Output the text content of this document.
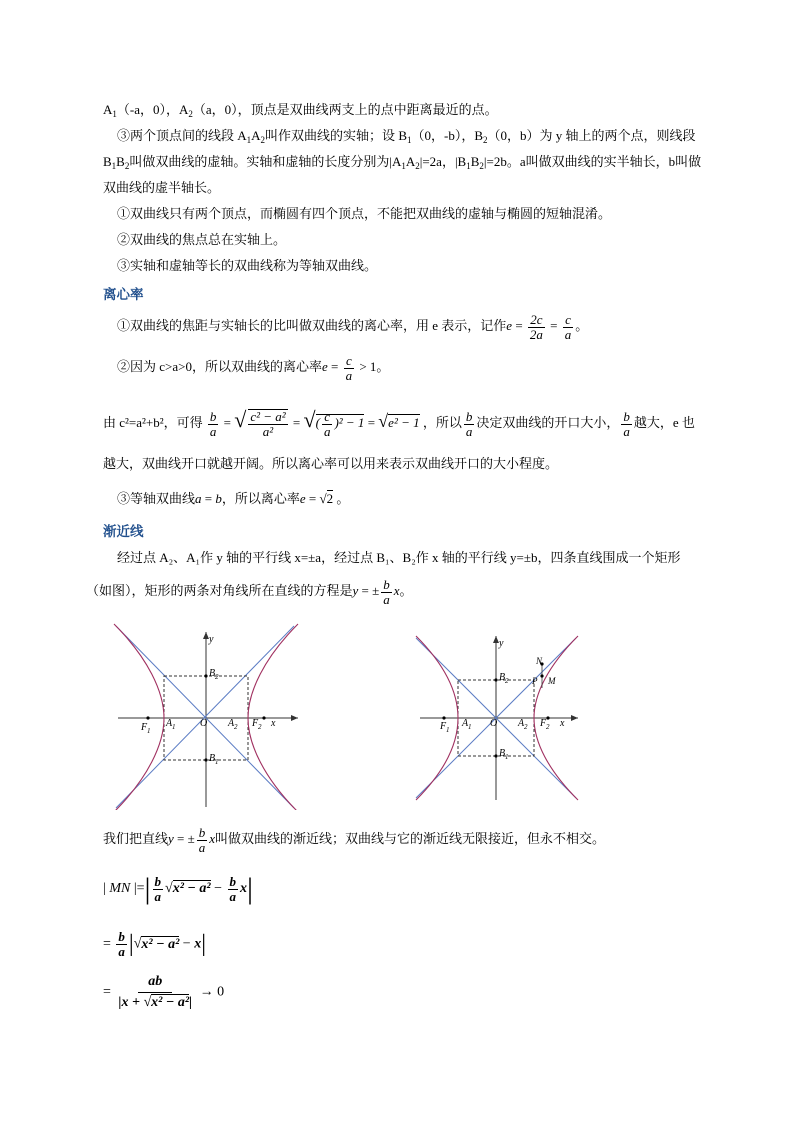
$A_1(-a$，0），$A_2(a$，0），顶点是双曲线两支上的点中距离最近的点。
③两个顶点间的线段 $A_1A_2$叫作双曲线的实轴；设 $B_1(0$，-b），$B_2(0$，b）为 y 轴上的两个点，则线段
$B_1B_2$叫做双曲线的虚轴。实轴和虚轴的长度分别为$|A_1A_2|=2a$，$|B_1B_2|=2b$。a叫做双曲线的实半轴长，b叫做
双曲线的虚半轴长。
①双曲线只有两个顶点，而椭圆有四个顶点，不能把双曲线的虚轴与椭圆的短轴混淆。
②双曲线的焦点总在实轴上。
③实轴和虚轴等长的双曲线称为等轴双曲线。
离心率
①双曲线的焦距与实轴长的比叫做双曲线的离心率，用 e 表示，记作$e = \frac{2c}{2a} = \frac{c}{a}$ 。
②因为 c>a>0，所以双曲线的离心率$e = \frac{c}{a} > 1$。
由 c²=a²+b²，可得 $\frac{b}{a}$ = √ $\frac{\text{c² − a²}}{\text{a²}}$ = √( $\frac{c}{a} )^2 - 1 = √e^2 - 1$ ，所以 $\frac{b}{a}$ 决定双曲线的开口大小， $\frac{b}{a}$ 越大，e 也
越大，双曲线开口就越开阔。所以离心率可以用来表示双曲线开口的大小程度。
③等轴双曲线a = b，所以离心率e = √2 。
渐近线
经过点 A₂、A₁作 y 轴的平行线 x=±a，经过点 B₁、B₂作 x 轴的平行线 y=±b，四条直线围成一个矩形
（如图），矩形的两条对角线所在直线的方程是y = ± $\frac{b}{a}$ x。
F 1
A 1 O A 2 F 2 x
y
B 2
B 1
N
P M
F 1
A 1 O A 2 F 2 x
y
B 2
B 1
我们把直线y = ± $\frac{b}{a}$ x叫做双曲线的渐近线；双曲线与它的渐近线无限接近，但永不相交。
| MN |=| $\frac{b}{a} √x^2 - a^2 - \frac{b}{a} x|$
= $\frac{b}{a} |√x^2 - a^2 - x|$
= $\frac{ab}{\text{|x + √x² − a²|}} \to 0$
